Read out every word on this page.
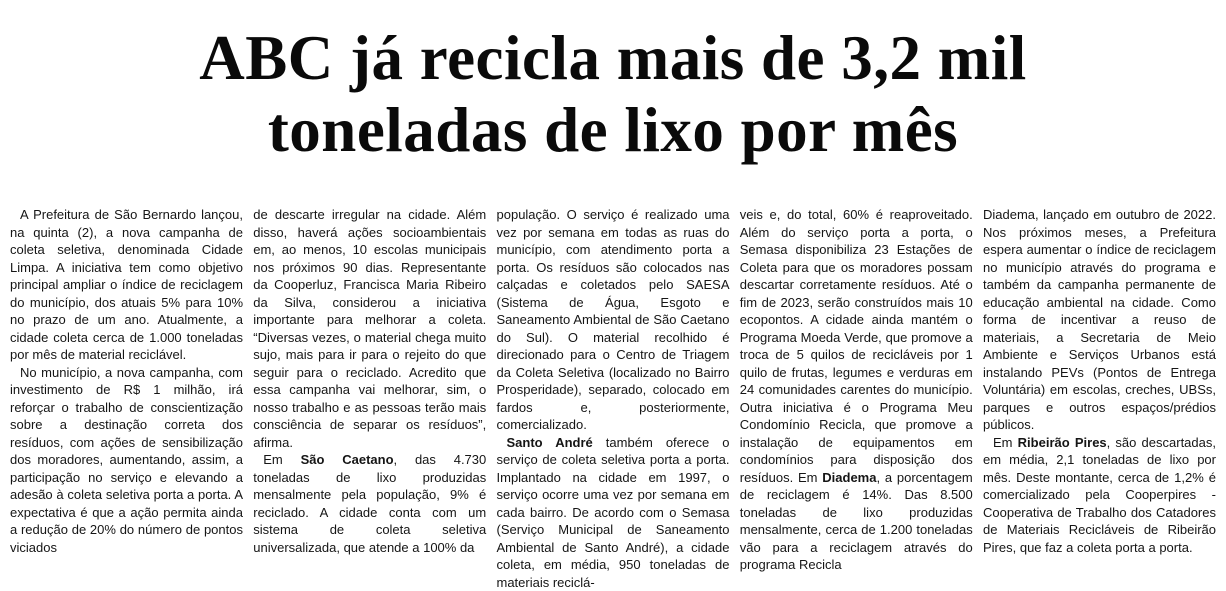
ABC já recicla mais de 3,2 mil
toneladas de lixo por mês

A Prefeitura de São Bernardo lançou, na quinta (2), a nova campanha de coleta seletiva, denominada Cidade Limpa. A iniciativa tem como objetivo principal ampliar o índice de reciclagem do município, dos atuais 5% para 10% no prazo de um ano. Atualmente, a cidade coleta cerca de 1.000 toneladas por mês de material reciclável.

No município, a nova campanha, com investimento de R$ 1 milhão, irá reforçar o trabalho de conscientização sobre a destinação correta dos resíduos, com ações de sensibilização dos moradores, aumentando, assim, a participação no serviço e elevando a adesão à coleta seletiva porta a porta. A expectativa é que a ação permita ainda a redução de 20% do número de pontos viciados

de descarte irregular na cidade. Além disso, haverá ações socioambientais em, ao menos, 10 escolas municipais nos próximos 90 dias. Representante da Cooperluz, Francisca Maria Ribeiro da Silva, considerou a iniciativa importante para melhorar a coleta. “Diversas vezes, o material chega muito sujo, mais para ir para o rejeito do que seguir para o reciclado. Acredito que essa campanha vai melhorar, sim, o nosso trabalho e as pessoas terão mais consciência de separar os resíduos”, afirma.

Em São Caetano, das 4.730 toneladas de lixo produzidas mensalmente pela população, 9% é reciclado. A cidade conta com um sistema de coleta seletiva universalizada, que atende a 100% da

população. O serviço é realizado uma vez por semana em todas as ruas do município, com atendimento porta a porta. Os resíduos são colocados nas calçadas e coletados pelo SAESA (Sistema de Água, Esgoto e Saneamento Ambiental de São Caetano do Sul). O material recolhido é direcionado para o Centro de Triagem da Coleta Seletiva (localizado no Bairro Prosperidade), separado, colocado em fardos e, posteriormente, comercializado.

Santo André também oferece o serviço de coleta seletiva porta a porta. Implantado na cidade em 1997, o serviço ocorre uma vez por semana em cada bairro. De acordo com o Semasa (Serviço Municipal de Saneamento Ambiental de Santo André), a cidade coleta, em média, 950 toneladas de materiais reciclá-

veis e, do total, 60% é reaproveitado. Além do serviço porta a porta, o Semasa disponibiliza 23 Estações de Coleta para que os moradores possam descartar corretamente resíduos. Até o fim de 2023, serão construídos mais 10 ecopontos. A cidade ainda mantém o Programa Moeda Verde, que promove a troca de 5 quilos de recicláveis por 1 quilo de frutas, legumes e verduras em 24 comunidades carentes do município. Outra iniciativa é o Programa Meu Condomínio Recicla, que promove a instalação de equipamentos em condomínios para disposição dos resíduos. Em Diadema, a porcentagem de reciclagem é 14%. Das 8.500 toneladas de lixo produzidas mensalmente, cerca de 1.200 toneladas vão para a reciclagem através do programa Recicla

Diadema, lançado em outubro de 2022. Nos próximos meses, a Prefeitura espera aumentar o índice de reciclagem no município através do programa e também da campanha permanente de educação ambiental na cidade. Como forma de incentivar a reuso de materiais, a Secretaria de Meio Ambiente e Serviços Urbanos está instalando PEVs (Pontos de Entrega Voluntária) em escolas, creches, UBSs, parques e outros espaços/prédios públicos.

Em Ribeirão Pires, são descartadas, em média, 2,1 toneladas de lixo por mês. Deste montante, cerca de 1,2% é comercializado pela Cooperpires - Cooperativa de Trabalho dos Catadores de Materiais Recicláveis de Ribeirão Pires, que faz a coleta porta a porta.
